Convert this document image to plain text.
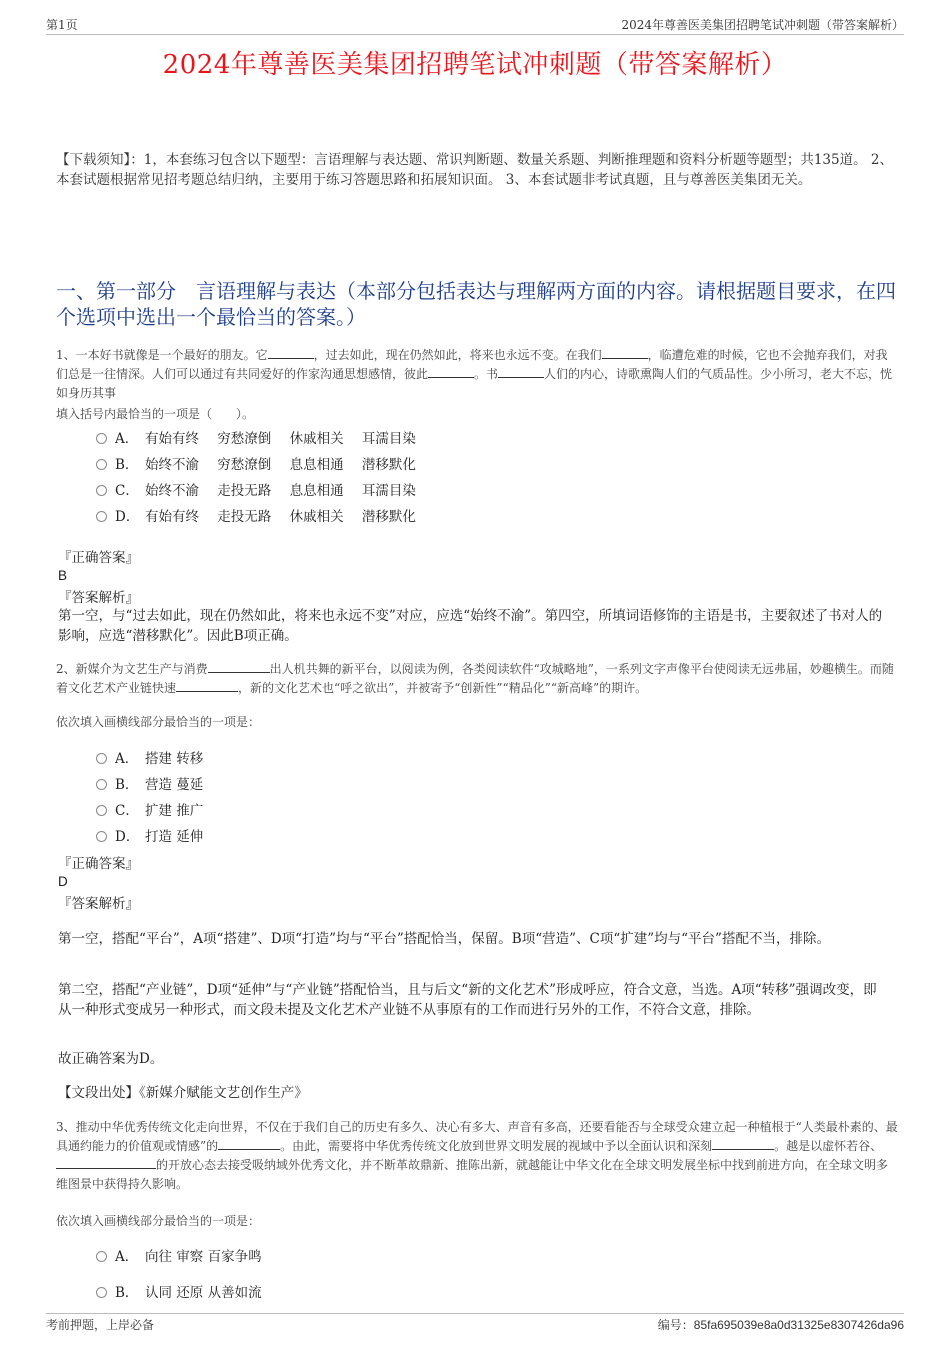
第1页	2024年尊善医美集团招聘笔试冲刺题（带答案解析）
2024年尊善医美集团招聘笔试冲刺题（带答案解析）
【下载须知】：1，本套练习包含以下题型：言语理解与表达题、常识判断题、数量关系题、判断推理题和资料分析题等题型；共135道。 2、本套试题根据常见招考题总结归纳，主要用于练习答题思路和拓展知识面。 3、本套试题非考试真题，且与尊善医美集团无关。
一、第一部分　言语理解与表达（本部分包括表达与理解两方面的内容。请根据题目要求，在四个选项中选出一个最恰当的答案。）
1、一本好书就像是一个最好的朋友。它	，过去如此，现在仍然如此，将来也永远不变。在我们	，临遭危难的时候，它也不会抛弃我们，对我们总是一往情深。人们可以通过有共同爱好的作家沟通思想感情，彼此	。书	人们的内心，诗歌熏陶人们的气质品性。少小所习，老大不忘，恍如身历其事
填入括号内最恰当的一项是（　　）。
A． 有始有终 穷愁潦倒 休戚相关 耳濡目染
B． 始终不渝 穷愁潦倒 息息相通 潜移默化
C． 始终不渝 走投无路 息息相通 耳濡目染
D． 有始有终 走投无路 休戚相关 潜移默化
『正确答案』
B
『答案解析』
第一空，与“过去如此，现在仍然如此，将来也永远不变”对应，应选“始终不渝”。第四空，所填词语修饰的主语是书，主要叙述了书对人的影响，应选“潜移默化”。因此B项正确。
2、新媒介为文艺生产与消费	出人机共舞的新平台，以阅读为例，各类阅读软件“攻城略地”，一系列文字声像平台使阅读无远弗届，妙趣横生。而随着文化艺术产业链快速	，新的文化艺术也“呼之欲出”，并被寄予“创新性”“精品化”“新高峰”的期许。
依次填入画横线部分最恰当的一项是：
A． 搭建 转移
B． 营造 蔓延
C． 扩建 推广
D． 打造 延伸
『正确答案』
D
『答案解析』
第一空，搭配“平台”，A项“搭建”、D项“打造”均与“平台”搭配恰当，保留。B项“营造”、C项“扩建”均与“平台”搭配不当，排除。
第二空，搭配“产业链”，D项“延伸”与“产业链”搭配恰当，且与后文“新的文化艺术”形成呼应，符合文意，当选。A项“转移”强调改变，即从一种形式变成另一种形式，而文段未提及文化艺术产业链不从事原有的工作而进行另外的工作，不符合文意，排除。
故正确答案为D。
【文段出处】《新媒介赋能文艺创作生产》
3、推动中华优秀传统文化走向世界，不仅在于我们自己的历史有多久、决心有多大、声音有多高，还要看能否与全球受众建立起一种植根于“人类最朴素的、最具通约能力的价值观或情感”的	。由此，需要将中华优秀传统文化放到世界文明发展的视域中予以全面认识和深刻	。越是以虚怀若谷、的开放心态去接受吸纳域外优秀文化，并不断革故鼎新、推陈出新，就越能让中华文化在全球文明发展坐标中找到前进方向，在全球文明多维图景中获得持久影响。
依次填入画横线部分最恰当的一项是：
A． 向往 审察 百家争鸣
B． 认同 还原 从善如流
考前押题，上岸必备	编号：85fa695039e8a0d31325e8307426da96
